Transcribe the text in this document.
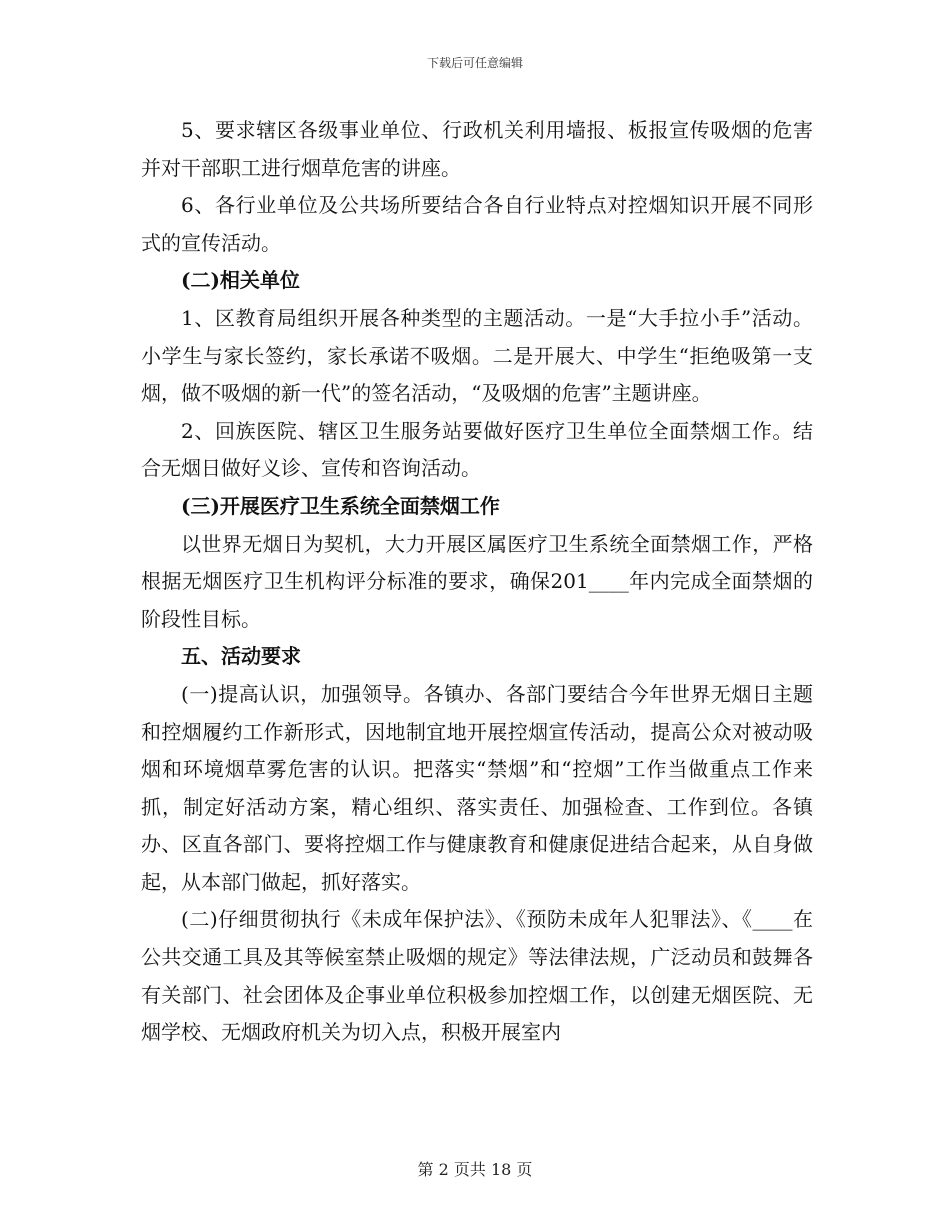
下载后可任意编辑

5、要求辖区各级事业单位、行政机关利用墙报、板报宣传吸烟的危害并对干部职工进行烟草危害的讲座。

6、各行业单位及公共场所要结合各自行业特点对控烟知识开展不同形式的宣传活动。

(二)相关单位

1、区教育局组织开展各种类型的主题活动。一是“大手拉小手”活动。小学生与家长签约，家长承诺不吸烟。二是开展大、中学生“拒绝吸第一支烟，做不吸烟的新一代”的签名活动，“及吸烟的危害”主题讲座。

2、回族医院、辖区卫生服务站要做好医疗卫生单位全面禁烟工作。结合无烟日做好义诊、宣传和咨询活动。

(三)开展医疗卫生系统全面禁烟工作

以世界无烟日为契机，大力开展区属医疗卫生系统全面禁烟工作，严格根据无烟医疗卫生机构评分标准的要求，确保201____年内完成全面禁烟的阶段性目标。

五、活动要求

(一)提高认识，加强领导。各镇办、各部门要结合今年世界无烟日主题和控烟履约工作新形式，因地制宜地开展控烟宣传活动，提高公众对被动吸烟和环境烟草雾危害的认识。把落实“禁烟”和“控烟”工作当做重点工作来抓，制定好活动方案，精心组织、落实责任、加强检查、工作到位。各镇办、区直各部门、要将控烟工作与健康教育和健康促进结合起来，从自身做起，从本部门做起，抓好落实。

(二)仔细贯彻执行《未成年保护法》、《预防未成年人犯罪法》、《____在公共交通工具及其等候室禁止吸烟的规定》等法律法规，广泛动员和鼓舞各有关部门、社会团体及企事业单位积极参加控烟工作，以创建无烟医院、无烟学校、无烟政府机关为切入点，积极开展室内

第 2 页共 18 页
